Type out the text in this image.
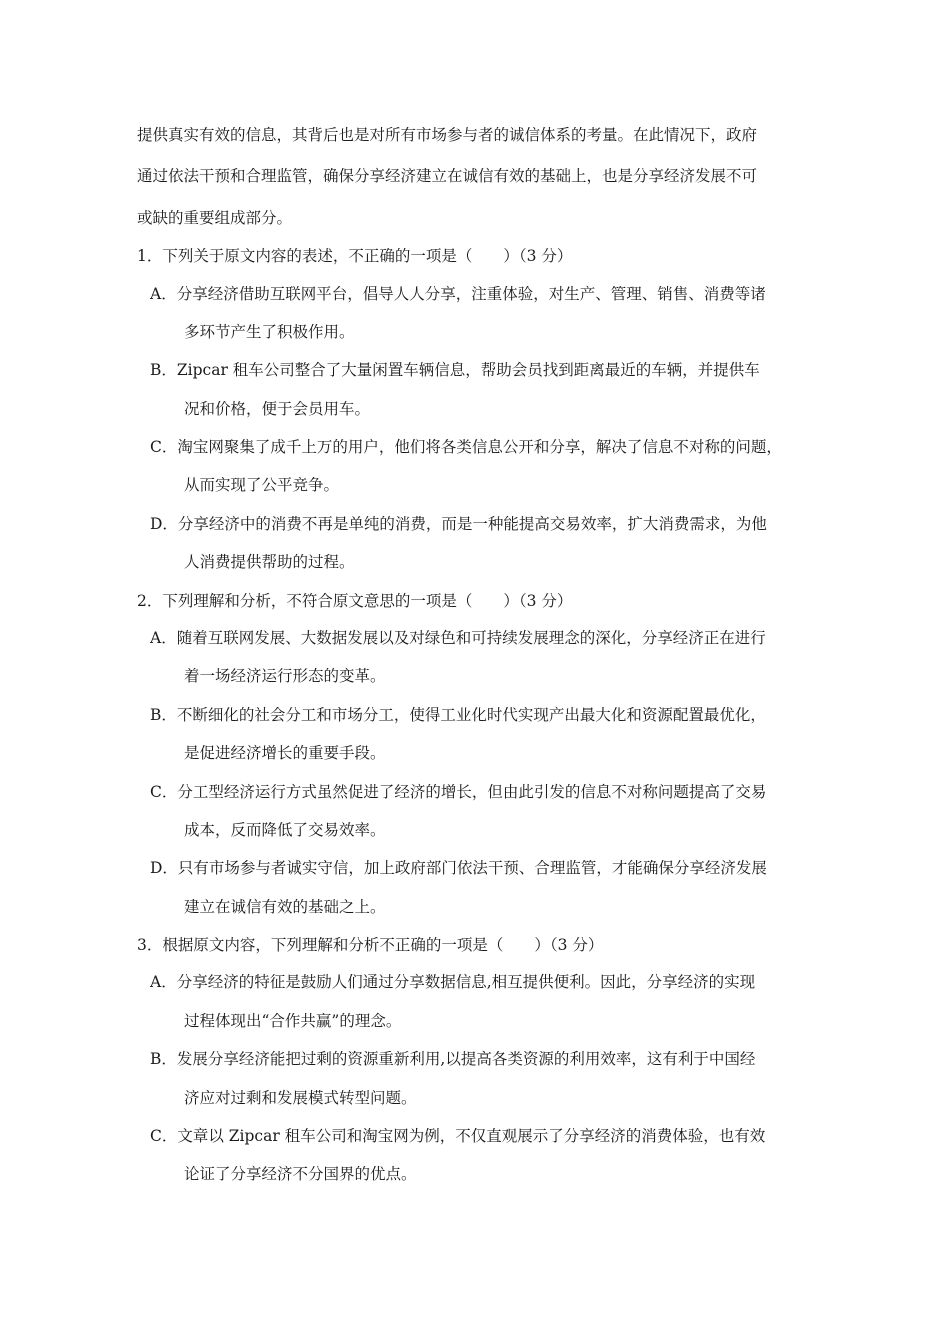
提供真实有效的信息，其背后也是对所有市场参与者的诚信体系的考量。在此情况下，政府
通过依法干预和合理监管，确保分享经济建立在诚信有效的基础上，也是分享经济发展不可
或缺的重要组成部分。
1．下列关于原文内容的表述，不正确的一项是（　　）（3 分）
A．分享经济借助互联网平台，倡导人人分享，注重体验，对生产、管理、销售、消费等诸
多环节产生了积极作用。
B．Zipcar 租车公司整合了大量闲置车辆信息，帮助会员找到距离最近的车辆，并提供车
况和价格，便于会员用车。
C．淘宝网聚集了成千上万的用户，他们将各类信息公开和分享，解决了信息不对称的问题，
从而实现了公平竞争。
D．分享经济中的消费不再是单纯的消费，而是一种能提高交易效率，扩大消费需求，为他
人消费提供帮助的过程。
2．下列理解和分析，不符合原文意思的一项是（　　）（3 分）
A．随着互联网发展、大数据发展以及对绿色和可持续发展理念的深化，分享经济正在进行
着一场经济运行形态的变革。
B．不断细化的社会分工和市场分工，使得工业化时代实现产出最大化和资源配置最优化，
是促进经济增长的重要手段。
C．分工型经济运行方式虽然促进了经济的增长，但由此引发的信息不对称问题提高了交易
成本，反而降低了交易效率。
D．只有市场参与者诚实守信，加上政府部门依法干预、合理监管，才能确保分享经济发展
建立在诚信有效的基础之上。
3．根据原文内容，下列理解和分析不正确的一项是（　　）（3 分）
A．分享经济的特征是鼓励人们通过分享数据信息,相互提供便利。因此，分享经济的实现
过程体现出“合作共赢”的理念。
B．发展分享经济能把过剩的资源重新利用,以提高各类资源的利用效率，这有利于中国经
济应对过剩和发展模式转型问题。
C．文章以 Zipcar 租车公司和淘宝网为例，不仅直观展示了分享经济的消费体验，也有效
论证了分享经济不分国界的优点。
